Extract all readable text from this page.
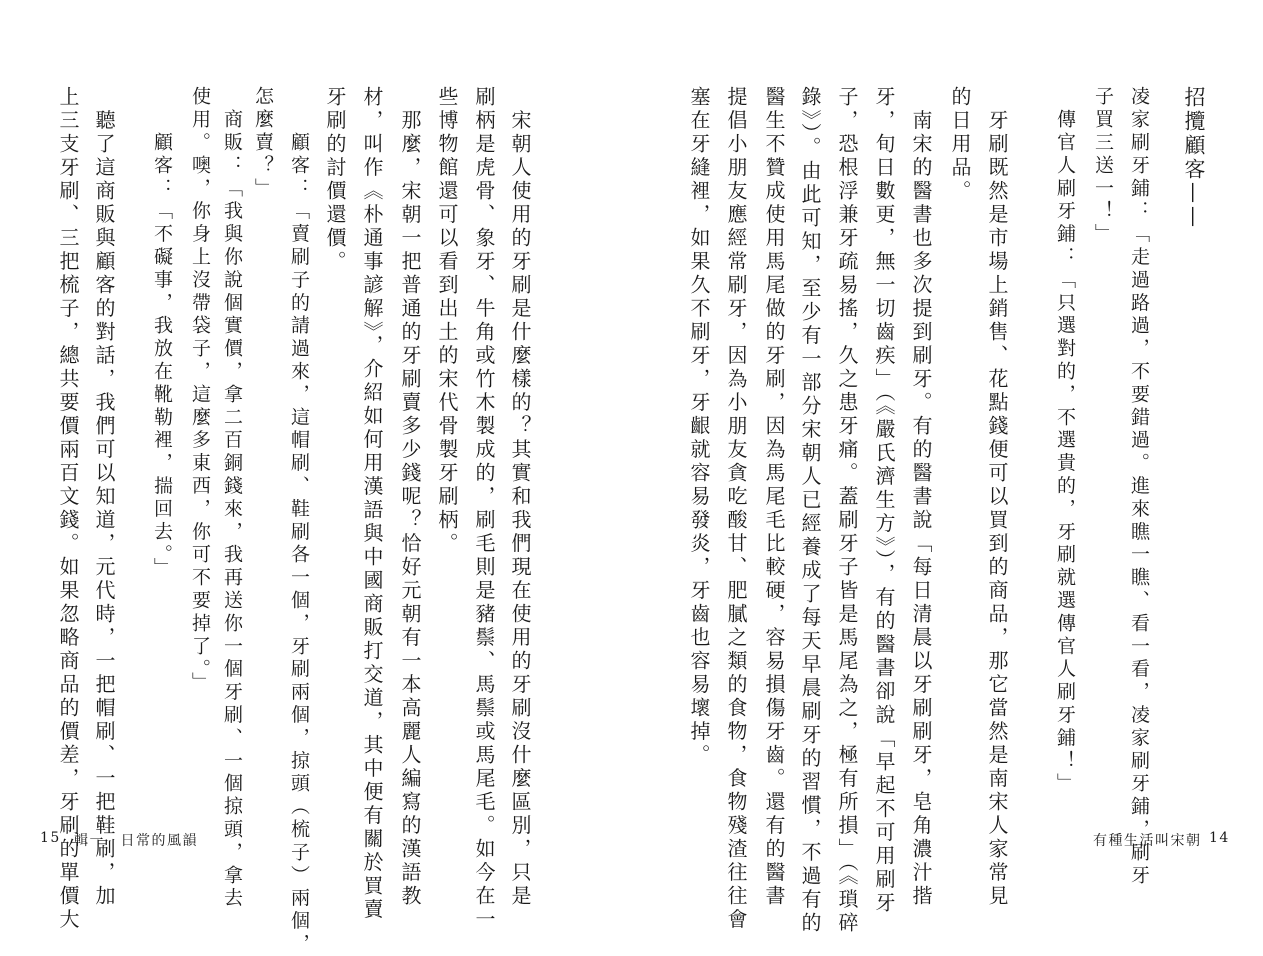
招攬顧客——
凌家刷牙鋪：「走過路過，不要錯過。進來瞧一瞧、看一看，凌家刷牙鋪，刷牙
子買三送一！」
　傳官人刷牙鋪：「只選對的，不選貴的，牙刷就選傳官人刷牙鋪！」
　牙刷既然是市場上銷售、花點錢便可以買到的商品，那它當然是南宋人家常見
的日用品。
　南宋的醫書也多次提到刷牙。有的醫書說「每日清晨以牙刷刷牙，皂角濃汁揩
牙，旬日數更，無一切齒疾」（《嚴氏濟生方》），有的醫書卻說「早起不可用刷牙
子，恐根浮兼牙疏易搖，久之患牙痛。蓋刷牙子皆是馬尾為之，極有所損」（《瑣碎
錄》）。由此可知，至少有一部分宋朝人已經養成了每天早晨刷牙的習慣，不過有的
醫生不贊成使用馬尾做的牙刷，因為馬尾毛比較硬，容易損傷牙齒。還有的醫書
提倡小朋友應經常刷牙，因為小朋友貪吃酸甘、肥膩之類的食物，食物殘渣往往會
塞在牙縫裡，如果久不刷牙，牙齦就容易發炎，牙齒也容易壞掉。
有種生活叫宋朝 14
　宋朝人使用的牙刷是什麼樣的？其實和我們現在使用的牙刷沒什麼區別，只是
刷柄是虎骨、象牙、牛角或竹木製成的，刷毛則是豬鬃、馬鬃或馬尾毛。如今在一
些博物館還可以看到出土的宋代骨製牙刷柄。
　那麼，宋朝一把普通的牙刷賣多少錢呢？恰好元朝有一本高麗人編寫的漢語教
材，叫作《朴通事諺解》，介紹如何用漢語與中國商販打交道，其中便有關於買賣
牙刷的討價還價。
　　顧客：「賣刷子的請過來，這帽刷、鞋刷各一個，牙刷兩個，掠頭（梳子）兩個，
怎麼賣？」
　商販：「我與你說個實價，拿二百銅錢來，我再送你一個牙刷、一個掠頭，拿去
使用。噢，你身上沒帶袋子，這麼多東西，你可不要掉了。」
　　顧客：「不礙事，我放在靴勒裡，揣回去。」
　聽了這商販與顧客的對話，我們可以知道，元代時，一把帽刷、一把鞋刷，加
上三支牙刷、三把梳子，總共要價兩百文錢。如果忽略商品的價差，牙刷的單價大
15 輯一　日常的風韻
